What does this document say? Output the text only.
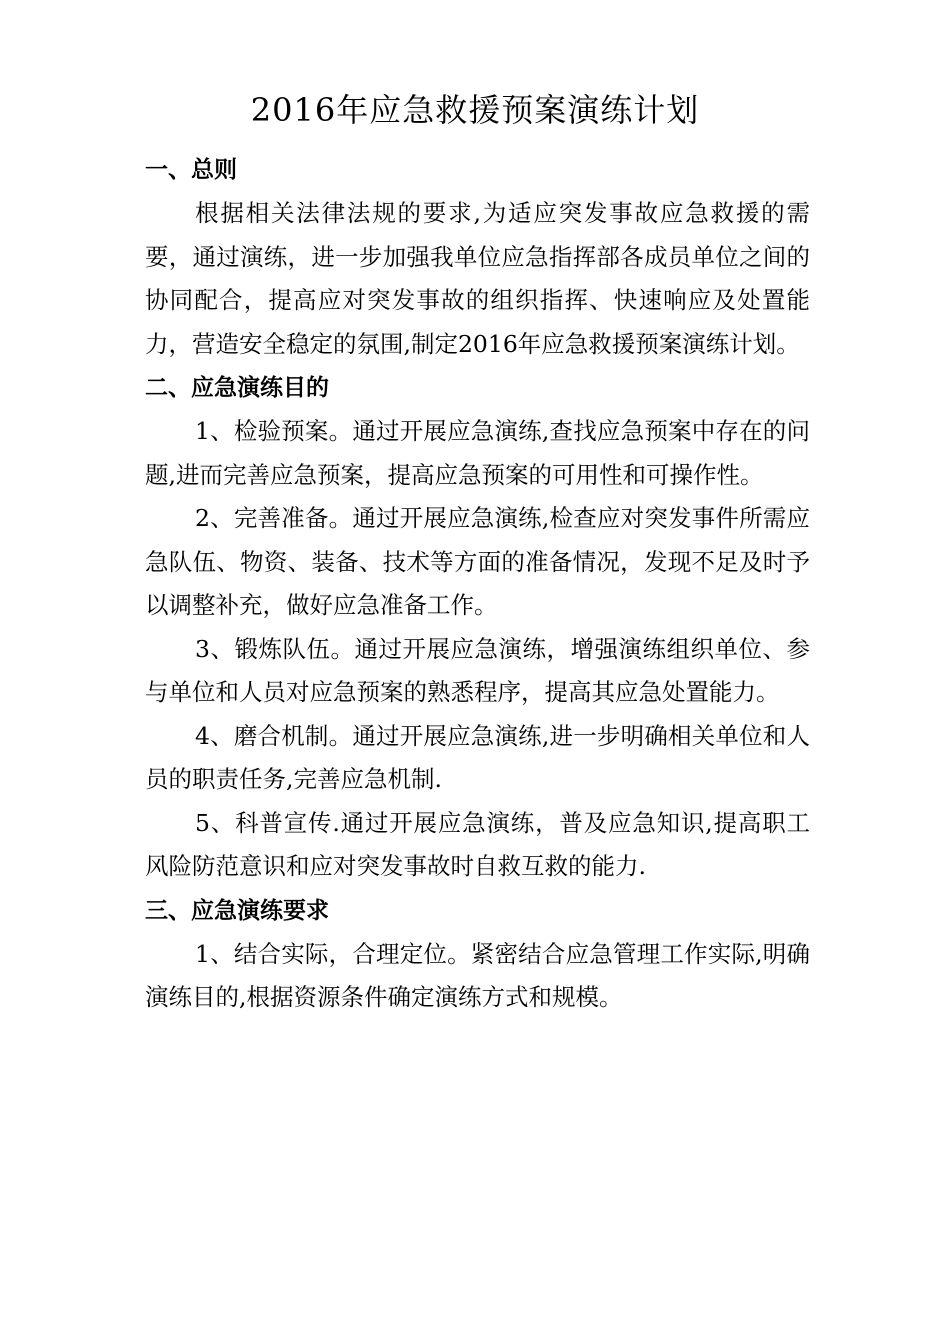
2016年应急救援预案演练计划

一、总则

根据相关法律法规的要求,为适应突发事故应急救援的需要，通过演练，进一步加强我单位应急指挥部各成员单位之间的协同配合，提高应对突发事故的组织指挥、快速响应及处置能力，营造安全稳定的氛围,制定2016年应急救援预案演练计划。

二、应急演练目的

1、检验预案。通过开展应急演练,查找应急预案中存在的问题,进而完善应急预案，提高应急预案的可用性和可操作性。

2、完善准备。通过开展应急演练,检查应对突发事件所需应急队伍、物资、装备、技术等方面的准备情况，发现不足及时予以调整补充，做好应急准备工作。

3、锻炼队伍。通过开展应急演练，增强演练组织单位、参与单位和人员对应急预案的熟悉程序，提高其应急处置能力。

4、磨合机制。通过开展应急演练,进一步明确相关单位和人员的职责任务,完善应急机制.

5、科普宣传.通过开展应急演练，普及应急知识,提高职工风险防范意识和应对突发事故时自救互救的能力.

三、应急演练要求

1、结合实际，合理定位。紧密结合应急管理工作实际,明确演练目的,根据资源条件确定演练方式和规模。
